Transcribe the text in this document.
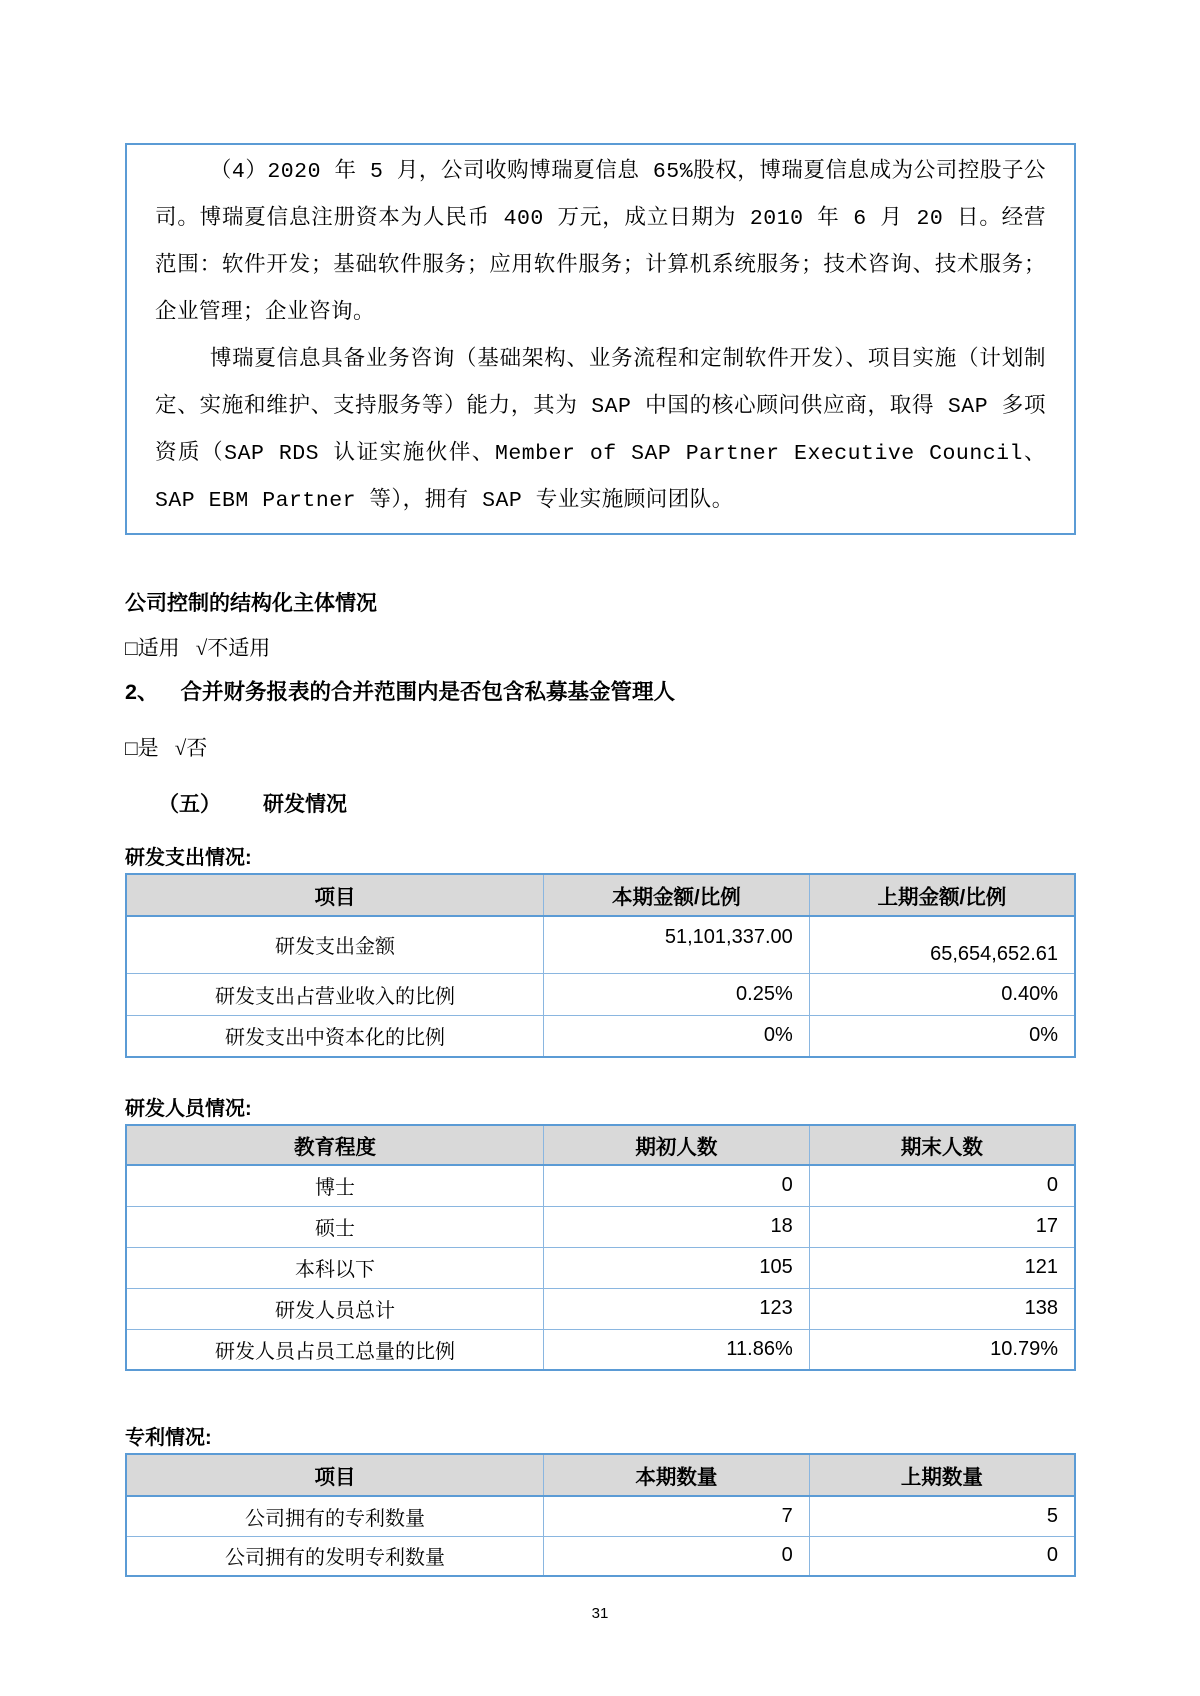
（4）2020 年 5 月，公司收购博瑞夏信息 65%股权，博瑞夏信息成为公司控股子公司。博瑞夏信息注册资本为人民币 400 万元，成立日期为 2010 年 6 月 20 日。经营范围：软件开发；基础软件服务；应用软件服务；计算机系统服务；技术咨询、技术服务；企业管理；企业咨询。

博瑞夏信息具备业务咨询（基础架构、业务流程和定制软件开发）、项目实施（计划制定、实施和维护、支持服务等）能力，其为 SAP 中国的核心顾问供应商，取得 SAP 多项资质（SAP RDS 认证实施伙伴、Member of SAP Partner Executive Council、SAP EBM Partner 等），拥有 SAP 专业实施顾问团队。

公司控制的结构化主体情况
□适用 √不适用
2、 合并财务报表的合并范围内是否包含私募基金管理人
□是 √否
（五） 研发情况
研发支出情况:
项目	本期金额/比例	上期金额/比例
研发支出金额	51,101,337.00	65,654,652.61
研发支出占营业收入的比例	0.25%	0.40%
研发支出中资本化的比例	0%	0%
研发人员情况:
教育程度	期初人数	期末人数
博士	0	0
硕士	18	17
本科以下	105	121
研发人员总计	123	138
研发人员占员工总量的比例	11.86%	10.79%
专利情况:
项目	本期数量	上期数量
公司拥有的专利数量	7	5
公司拥有的发明专利数量	0	0
31
